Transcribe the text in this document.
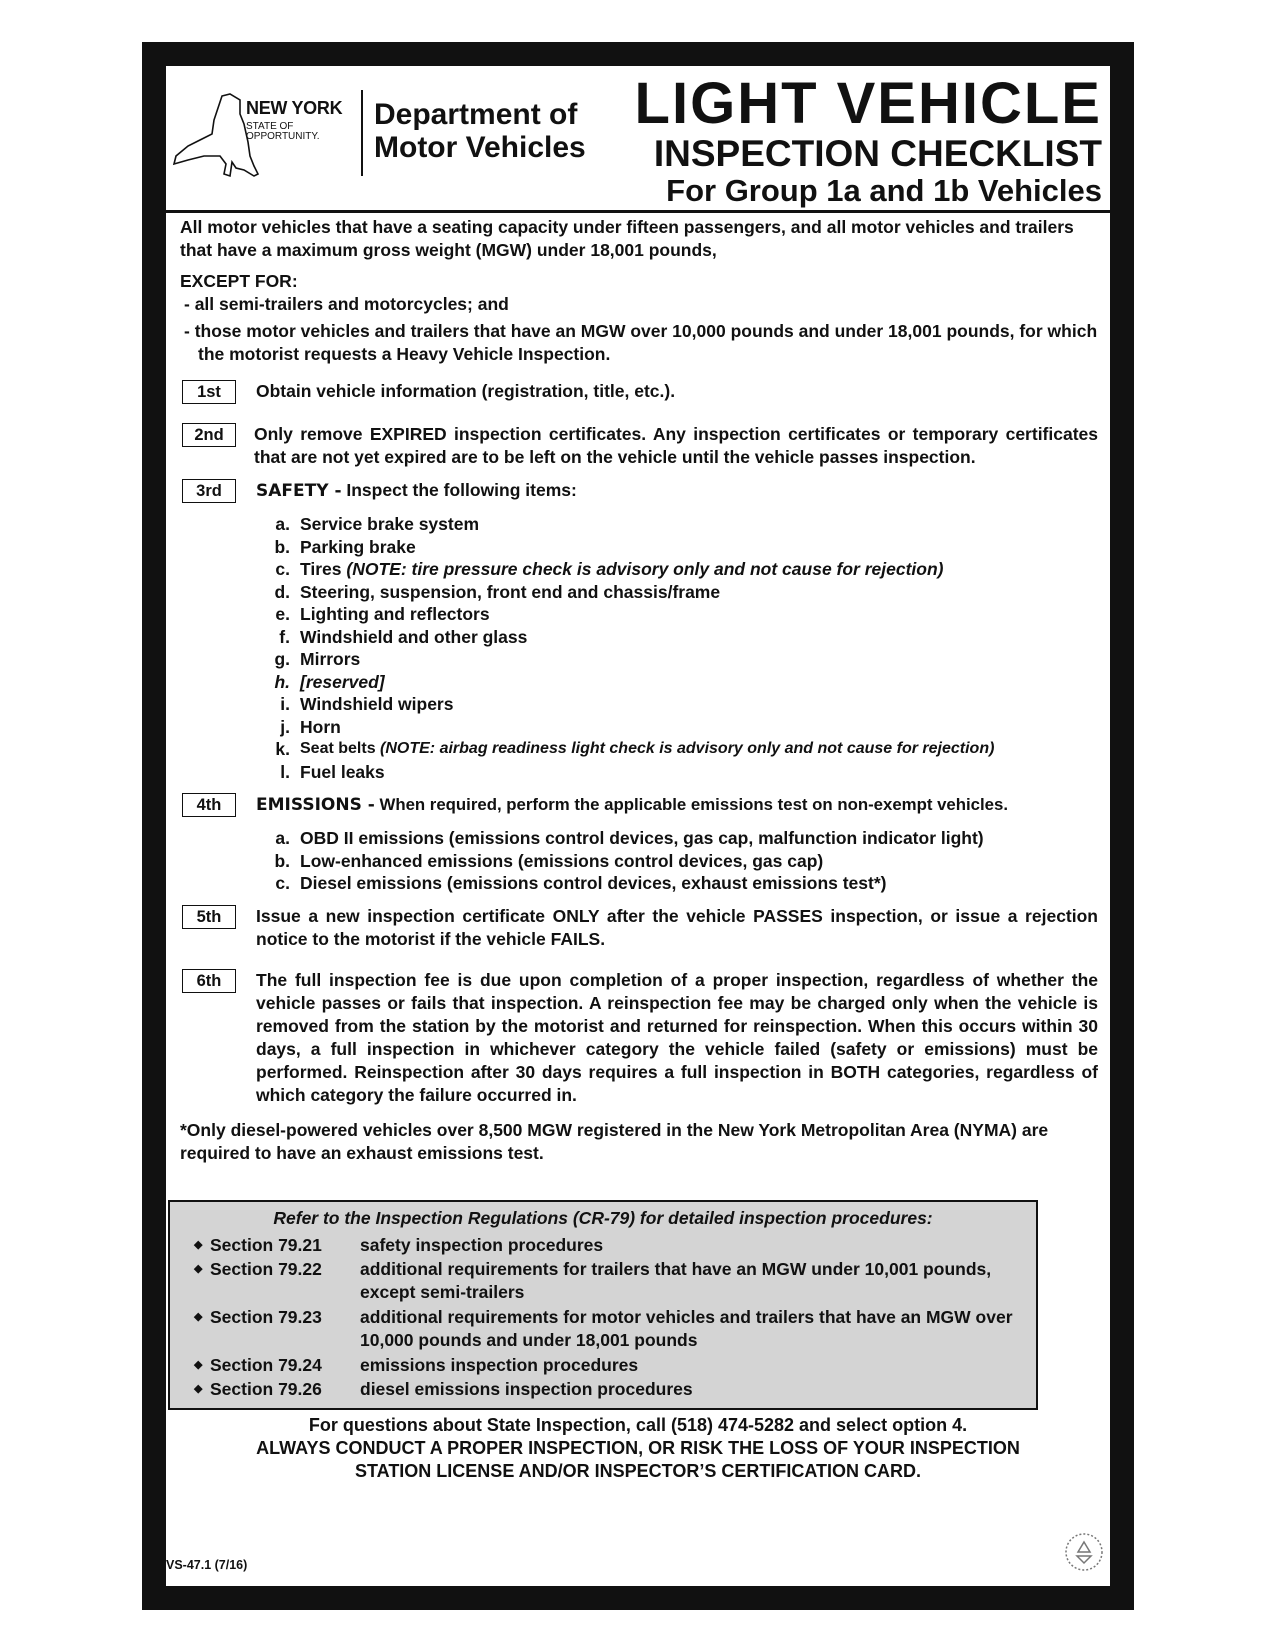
NEW YORK
STATE OF OPPORTUNITY.
Department of Motor Vehicles
LIGHT VEHICLE
INSPECTION CHECKLIST
For Group 1a and 1b Vehicles

All motor vehicles that have a seating capacity under fifteen passengers, and all motor vehicles and trailers that have a maximum gross weight (MGW) under 18,001 pounds,

EXCEPT FOR:

- all semi-trailers and motorcycles; and

- those motor vehicles and trailers that have an MGW over 10,000 pounds and under 18,001 pounds, for which the motorist requests a Heavy Vehicle Inspection.

1st	Obtain vehicle information (registration, title, etc.).
2nd	Only remove EXPIRED inspection certificates. Any inspection certificates or temporary certificates that are not yet expired are to be left on the vehicle until the vehicle passes inspection.
3rd	SAFETY - Inspect the following items:
a. Service brake system
b. Parking brake
c. Tires (NOTE: tire pressure check is advisory only and not cause for rejection)
d. Steering, suspension, front end and chassis/frame
e. Lighting and reflectors
f. Windshield and other glass
g. Mirrors
h. [reserved]
i. Windshield wipers
j. Horn
k. Seat belts (NOTE: airbag readiness light check is advisory only and not cause for rejection)
l. Fuel leaks
4th	EMISSIONS - When required, perform the applicable emissions test on non-exempt vehicles.
a. OBD II emissions (emissions control devices, gas cap, malfunction indicator light)
b. Low-enhanced emissions (emissions control devices, gas cap)
c. Diesel emissions (emissions control devices, exhaust emissions test*)
5th	Issue a new inspection certificate ONLY after the vehicle PASSES inspection, or issue a rejection notice to the motorist if the vehicle FAILS.
6th	The full inspection fee is due upon completion of a proper inspection, regardless of whether the vehicle passes or fails that inspection. A reinspection fee may be charged only when the vehicle is removed from the station by the motorist and returned for reinspection. When this occurs within 30 days, a full inspection in whichever category the vehicle failed (safety or emissions) must be performed. Reinspection after 30 days requires a full inspection in BOTH categories, regardless of which category the failure occurred in.

*Only diesel-powered vehicles over 8,500 MGW registered in the New York Metropolitan Area (NYMA) are required to have an exhaust emissions test.

Refer to the Inspection Regulations (CR-79) for detailed inspection procedures:
◆ Section 79.21 safety inspection procedures
◆ Section 79.22 additional requirements for trailers that have an MGW under 10,001 pounds, except semi-trailers
◆ Section 79.23 additional requirements for motor vehicles and trailers that have an MGW over 10,000 pounds and under 18,001 pounds
◆ Section 79.24 emissions inspection procedures
◆ Section 79.26 diesel emissions inspection procedures
For questions about State Inspection, call (518) 474-5282 and select option 4.
ALWAYS CONDUCT A PROPER INSPECTION, OR RISK THE LOSS OF YOUR INSPECTION
STATION LICENSE AND/OR INSPECTOR’S CERTIFICATION CARD.
VS-47.1 (7/16)
